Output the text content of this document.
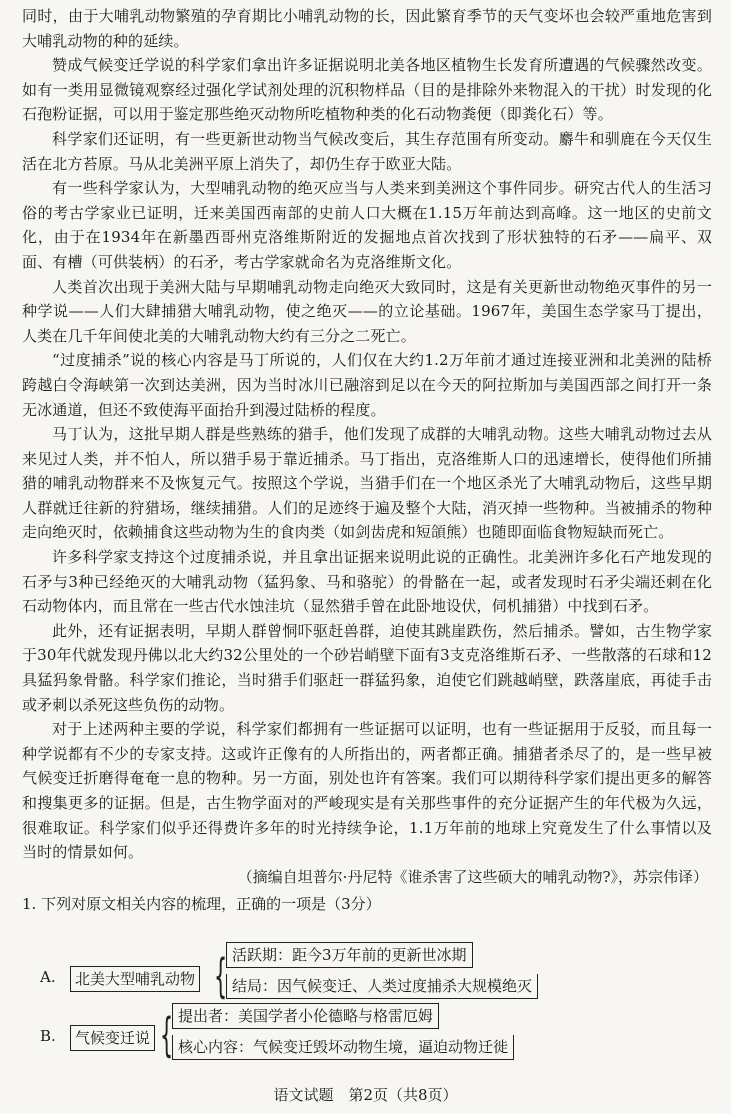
同时，由于大哺乳动物繁殖的孕育期比小哺乳动物的长，因此繁育季节的天气变坏也会较严重地危害到大哺乳动物的种的延续。

赞成气候变迁学说的科学家们拿出许多证据说明北美各地区植物生长发育所遭遇的气候骤然改变。如有一类用显微镜观察经过强化学试剂处理的沉积物样品（目的是排除外来物混入的干扰）时发现的化石孢粉证据，可以用于鉴定那些绝灭动物所吃植物种类的化石动物粪便（即粪化石）等。

科学家们还证明，有一些更新世动物当气候改变后，其生存范围有所变动。麝牛和驯鹿在今天仅生活在北方苔原。马从北美洲平原上消失了，却仍生存于欧亚大陆。

有一些科学家认为，大型哺乳动物的绝灭应当与人类来到美洲这个事件同步。研究古代人的生活习俗的考古学家业已证明，迁来美国西南部的史前人口大概在1.15万年前达到高峰。这一地区的史前文化，由于在1934年在新墨西哥州克洛维斯附近的发掘地点首次找到了形状独特的石矛——扁平、双面、有槽（可供装柄）的石矛，考古学家就命名为克洛维斯文化。

人类首次出现于美洲大陆与早期哺乳动物走向绝灭大致同时，这是有关更新世动物绝灭事件的另一种学说——人们大肆捕猎大哺乳动物，使之绝灭——的立论基础。1967年，美国生态学家马丁提出，人类在几千年间使北美的大哺乳动物大约有三分之二死亡。

“过度捕杀”说的核心内容是马丁所说的，人们仅在大约1.2万年前才通过连接亚洲和北美洲的陆桥跨越白令海峡第一次到达美洲，因为当时冰川已融溶到足以在今天的阿拉斯加与美国西部之间打开一条无冰通道，但还不致使海平面抬升到漫过陆桥的程度。

马丁认为，这批早期人群是些熟练的猎手，他们发现了成群的大哺乳动物。这些大哺乳动物过去从来见过人类，并不怕人，所以猎手易于靠近捕杀。马丁指出，克洛维斯人口的迅速增长，使得他们所捕猎的哺乳动物群来不及恢复元气。按照这个学说，当猎手们在一个地区杀光了大哺乳动物后，这些早期人群就迁往新的狩猎场，继续捕猎。人们的足迹终于遍及整个大陆，消灭掉一些物种。当被捕杀的物种走向绝灭时，依赖捕食这些动物为生的食肉类（如剑齿虎和短頜熊）也随即面临食物短缺而死亡。

许多科学家支持这个过度捕杀说，并且拿出证据来说明此说的正确性。北美洲许多化石产地发现的石矛与3种已经绝灭的大哺乳动物（猛犸象、马和骆驼）的骨骼在一起，或者发现时石矛尖端还刺在化石动物体内，而且常在一些古代水蚀洼坑（显然猎手曾在此卧地设伏，伺机捕猎）中找到石矛。

此外，还有证据表明，早期人群曾恫吓驱赶兽群，迫使其跳崖跌伤，然后捕杀。譬如，古生物学家于30年代就发现丹佛以北大约32公里处的一个砂岩峭壁下面有3支克洛维斯石矛、一些散落的石球和12具猛犸象骨骼。科学家们推论，当时猎手们驱赶一群猛犸象，迫使它们跳越峭壁，跌落崖底，再徒手击或矛刺以杀死这些负伤的动物。

对于上述两种主要的学说，科学家们都拥有一些证据可以证明，也有一些证据用于反驳，而且每一种学说都有不少的专家支持。这或许正像有的人所指出的，两者都正确。捕猎者杀尽了的，是一些早被气候变迁折磨得奄奄一息的物种。另一方面，别处也许有答案。我们可以期待科学家们提出更多的解答和搜集更多的证据。但是，古生物学面对的严峻现实是有关那些事件的充分证据产生的年代极为久远，很难取证。科学家们似乎还得费许多年的时光持续争论，1.1万年前的地球上究竟发生了什么事情以及当时的情景如何。

（摘编自坦普尔·丹尼特《谁杀害了这些硕大的哺乳动物?》，苏宗伟译）

1. 下列对原文相关内容的梳理，正确的一项是（3分）

A.	北美大型哺乳动物 { 活跃期：距今3万年前的更新世冰期
结局：因气候变迁、人类过度捕杀大规模绝灭
B.	气候变迁说 { 提出者：美国学者小伦德略与格雷厄姆
核心内容：气候变迁毁坏动物生境，逼迫动物迁徙
语文试题　第2页（共8页）
